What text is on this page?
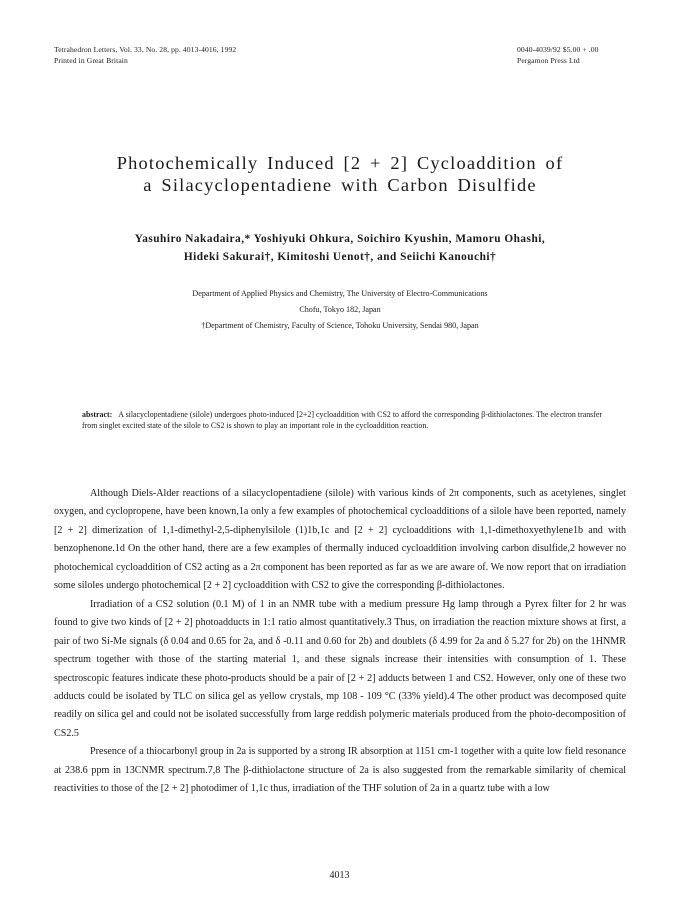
Tetrahedron Letters, Vol. 33, No. 28, pp. 4013-4016, 1992
Printed in Great Britain
0040-4039/92 $5.00 + .00
Pergamon Press Ltd
Photochemically Induced [2 + 2] Cycloaddition of
a Silacyclopentadiene with Carbon Disulfide
Yasuhiro Nakadaira,* Yoshiyuki Ohkura, Soichiro Kyushin, Mamoru Ohashi,
Hideki Sakurai†, Kimitoshi Uenot†, and Seiichi Kanouchi†
Department of Applied Physics and Chemistry, The University of Electro-Communications
Chofu, Tokyo 182, Japan
†Department of Chemistry, Faculty of Science, Tohoku University, Sendai 980, Japan
abstract: A silacyclopentadiene (silole) undergoes photo-induced [2+2] cycloaddition with CS2 to afford the corresponding β-dithiolactones. The electron transfer from singlet excited state of the silole to CS2 is shown to play an important role in the cycloaddition reaction.

Although Diels-Alder reactions of a silacyclopentadiene (silole) with various kinds of 2π components, such as acetylenes, singlet oxygen, and cyclopropene, have been known,1a only a few examples of photochemical cycloadditions of a silole have been reported, namely [2 + 2] dimerization of 1,1-dimethyl-2,5-diphenylsilole (1)1b,1c and [2 + 2] cycloadditions with 1,1-dimethoxyethylene1b and with benzophenone.1d On the other hand, there are a few examples of thermally induced cycloaddition involving carbon disulfide,2 however no photochemical cycloaddition of CS2 acting as a 2π component has been reported as far as we are aware of. We now report that on irradiation some siloles undergo photochemical [2 + 2] cycloaddition with CS2 to give the corresponding β-dithiolactones.

Irradiation of a CS2 solution (0.1 M) of 1 in an NMR tube with a medium pressure Hg lamp through a Pyrex filter for 2 hr was found to give two kinds of [2 + 2] photoadducts in 1:1 ratio almost quantitatively.3 Thus, on irradiation the reaction mixture shows at first, a pair of two Si-Me signals (δ 0.04 and 0.65 for 2a, and δ -0.11 and 0.60 for 2b) and doublets (δ 4.99 for 2a and δ 5.27 for 2b) on the 1HNMR spectrum together with those of the starting material 1, and these signals increase their intensities with consumption of 1. These spectroscopic features indicate these photo-products should be a pair of [2 + 2] adducts between 1 and CS2. However, only one of these two adducts could be isolated by TLC on silica gel as yellow crystals, mp 108 - 109 °C (33% yield).4 The other product was decomposed quite readily on silica gel and could not be isolated successfully from large reddish polymeric materials produced from the photo-decomposition of CS2.5

Presence of a thiocarbonyl group in 2a is supported by a strong IR absorption at 1151 cm-1 together with a quite low field resonance at 238.6 ppm in 13CNMR spectrum.7,8 The β-dithiolactone structure of 2a is also suggested from the remarkable similarity of chemical reactivities to those of the [2 + 2] photodimer of 1,1c thus, irradiation of the THF solution of 2a in a quartz tube with a low

4013
